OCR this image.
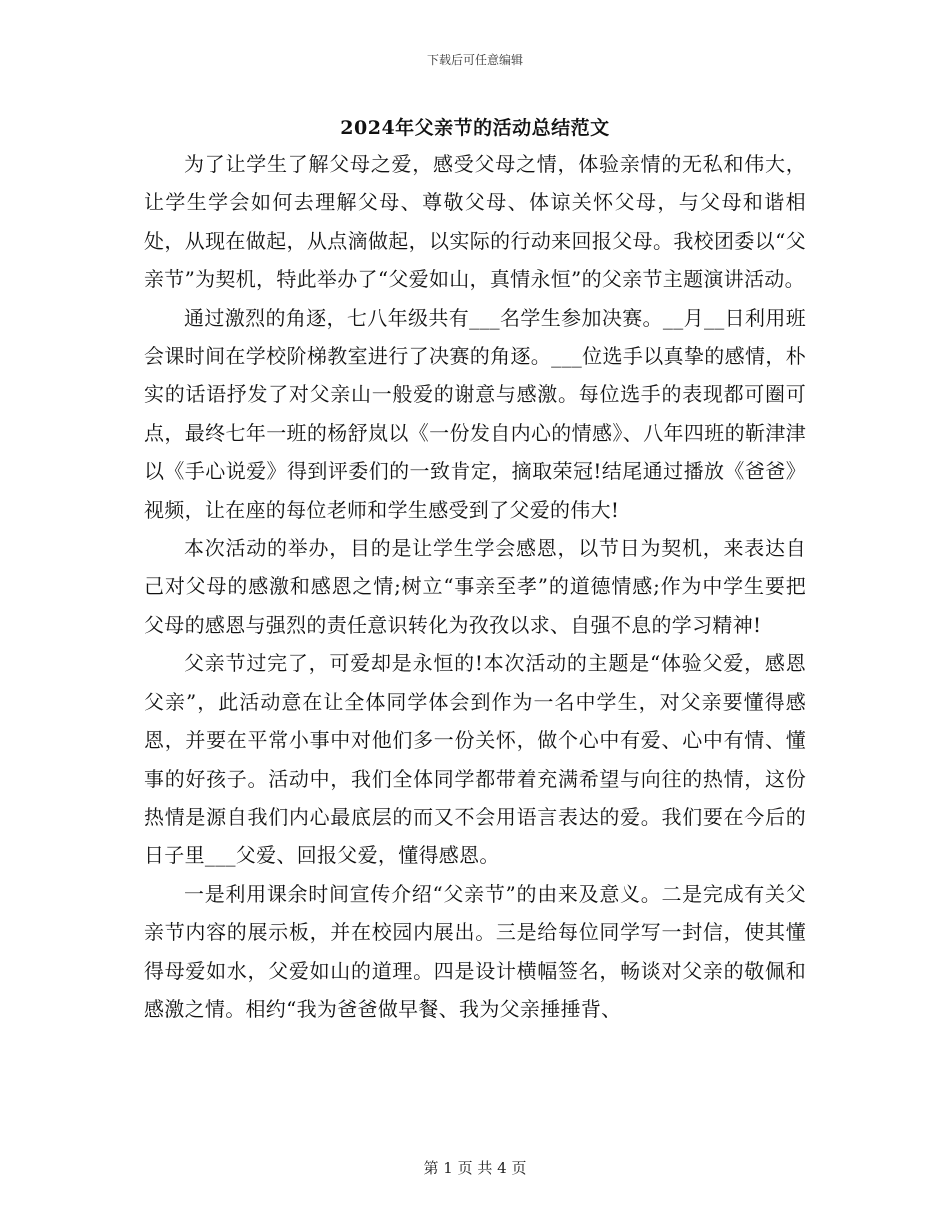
下载后可任意编辑
2024年父亲节的活动总结范文

为了让学生了解父母之爱，感受父母之情，体验亲情的无私和伟大，让学生学会如何去理解父母、尊敬父母、体谅关怀父母，与父母和谐相处，从现在做起，从点滴做起，以实际的行动来回报父母。我校团委以“父亲节”为契机，特此举办了“父爱如山，真情永恒”的父亲节主题演讲活动。

通过激烈的角逐，七八年级共有___名学生参加决赛。__月__日利用班会课时间在学校阶梯教室进行了决赛的角逐。___位选手以真挚的感情，朴实的话语抒发了对父亲山一般爱的谢意与感激。每位选手的表现都可圈可点，最终七年一班的杨舒岚以《一份发自内心的情感》、八年四班的靳津津以《手心说爱》得到评委们的一致肯定，摘取荣冠!结尾通过播放《爸爸》视频，让在座的每位老师和学生感受到了父爱的伟大!

本次活动的举办，目的是让学生学会感恩，以节日为契机，来表达自己对父母的感激和感恩之情;树立“事亲至孝”的道德情感;作为中学生要把父母的感恩与强烈的责任意识转化为孜孜以求、自强不息的学习精神!

父亲节过完了，可爱却是永恒的!本次活动的主题是“体验父爱，感恩父亲”，此活动意在让全体同学体会到作为一名中学生，对父亲要懂得感恩，并要在平常小事中对他们多一份关怀，做个心中有爱、心中有情、懂事的好孩子。活动中，我们全体同学都带着充满希望与向往的热情，这份热情是源自我们内心最底层的而又不会用语言表达的爱。我们要在今后的日子里___父爱、回报父爱，懂得感恩。

一是利用课余时间宣传介绍“父亲节”的由来及意义。二是完成有关父亲节内容的展示板，并在校园内展出。三是给每位同学写一封信，使其懂得母爱如水，父爱如山的道理。四是设计横幅签名，畅谈对父亲的敬佩和感激之情。相约“我为爸爸做早餐、我为父亲捶捶背、

第 1 页 共 4 页
